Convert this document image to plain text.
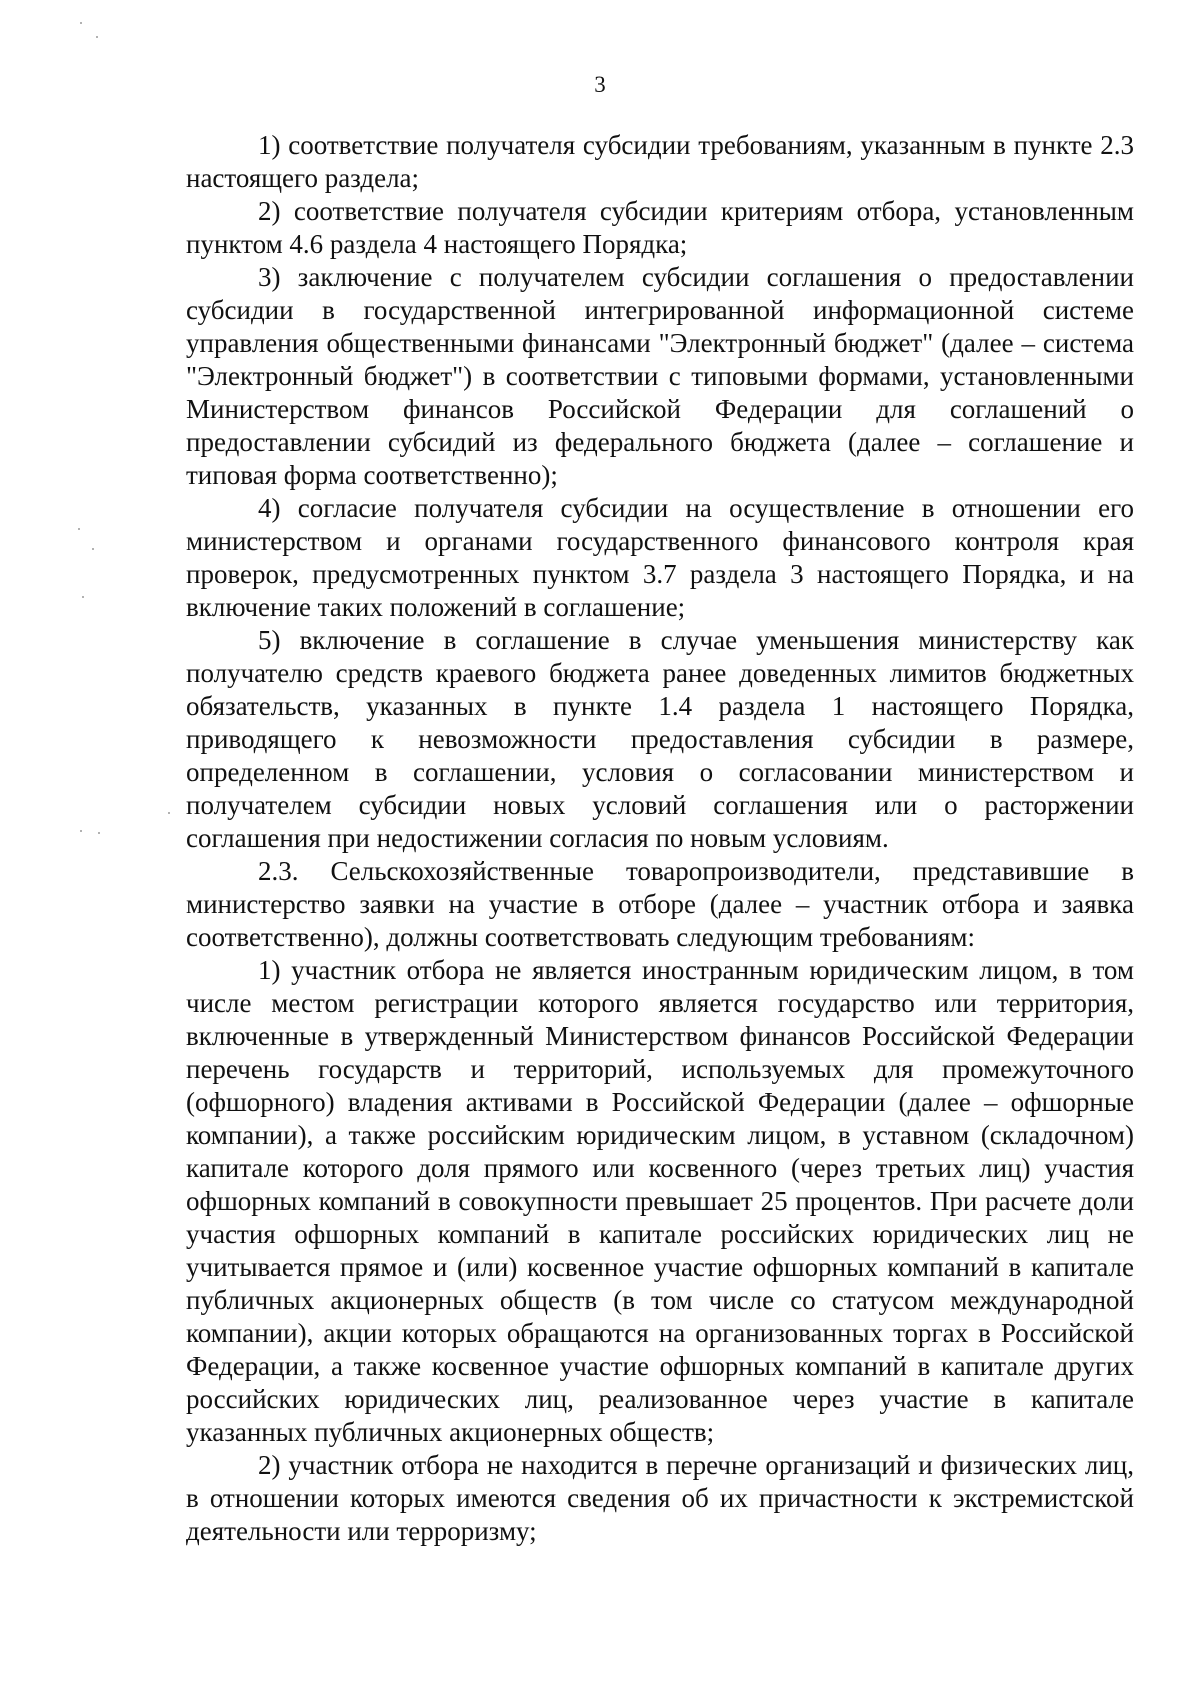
3

1) соответствие получателя субсидии требованиям, указанным в пункте 2.3 настоящего раздела;

2) соответствие получателя субсидии критериям отбора, установленным пунктом 4.6 раздела 4 настоящего Порядка;

3) заключение с получателем субсидии соглашения о предоставлении субсидии в государственной интегрированной информационной системе управления общественными финансами "Электронный бюджет" (далее – система "Электронный бюджет") в соответствии с типовыми формами, установленными Министерством финансов Российской Федерации для соглашений о предоставлении субсидий из федерального бюджета (далее – соглашение и типовая форма соответственно);

4) согласие получателя субсидии на осуществление в отношении его министерством и органами государственного финансового контроля края проверок, предусмотренных пунктом 3.7 раздела 3 настоящего Порядка, и на включение таких положений в соглашение;

5) включение в соглашение в случае уменьшения министерству как получателю средств краевого бюджета ранее доведенных лимитов бюджетных обязательств, указанных в пункте 1.4 раздела 1 настоящего Порядка, приводящего к невозможности предоставления субсидии в размере, определенном в соглашении, условия о согласовании министерством и получателем субсидии новых условий соглашения или о расторжении соглашения при недостижении согласия по новым условиям.

2.3. Сельскохозяйственные товаропроизводители, представившие в министерство заявки на участие в отборе (далее – участник отбора и заявка соответственно), должны соответствовать следующим требованиям:

1) участник отбора не является иностранным юридическим лицом, в том числе местом регистрации которого является государство или территория, включенные в утвержденный Министерством финансов Российской Федерации перечень государств и территорий, используемых для промежуточного (офшорного) владения активами в Российской Федерации (далее – офшорные компании), а также российским юридическим лицом, в уставном (складочном) капитале которого доля прямого или косвенного (через третьих лиц) участия офшорных компаний в совокупности превышает 25 процентов. При расчете доли участия офшорных компаний в капитале российских юридических лиц не учитывается прямое и (или) косвенное участие офшорных компаний в капитале публичных акционерных обществ (в том числе со статусом международной компании), акции которых обращаются на организованных торгах в Российской Федерации, а также косвенное участие офшорных компаний в капитале других российских юридических лиц, реализованное через участие в капитале указанных публичных акционерных обществ;

2) участник отбора не находится в перечне организаций и физических лиц, в отношении которых имеются сведения об их причастности к экстремистской деятельности или терроризму;
